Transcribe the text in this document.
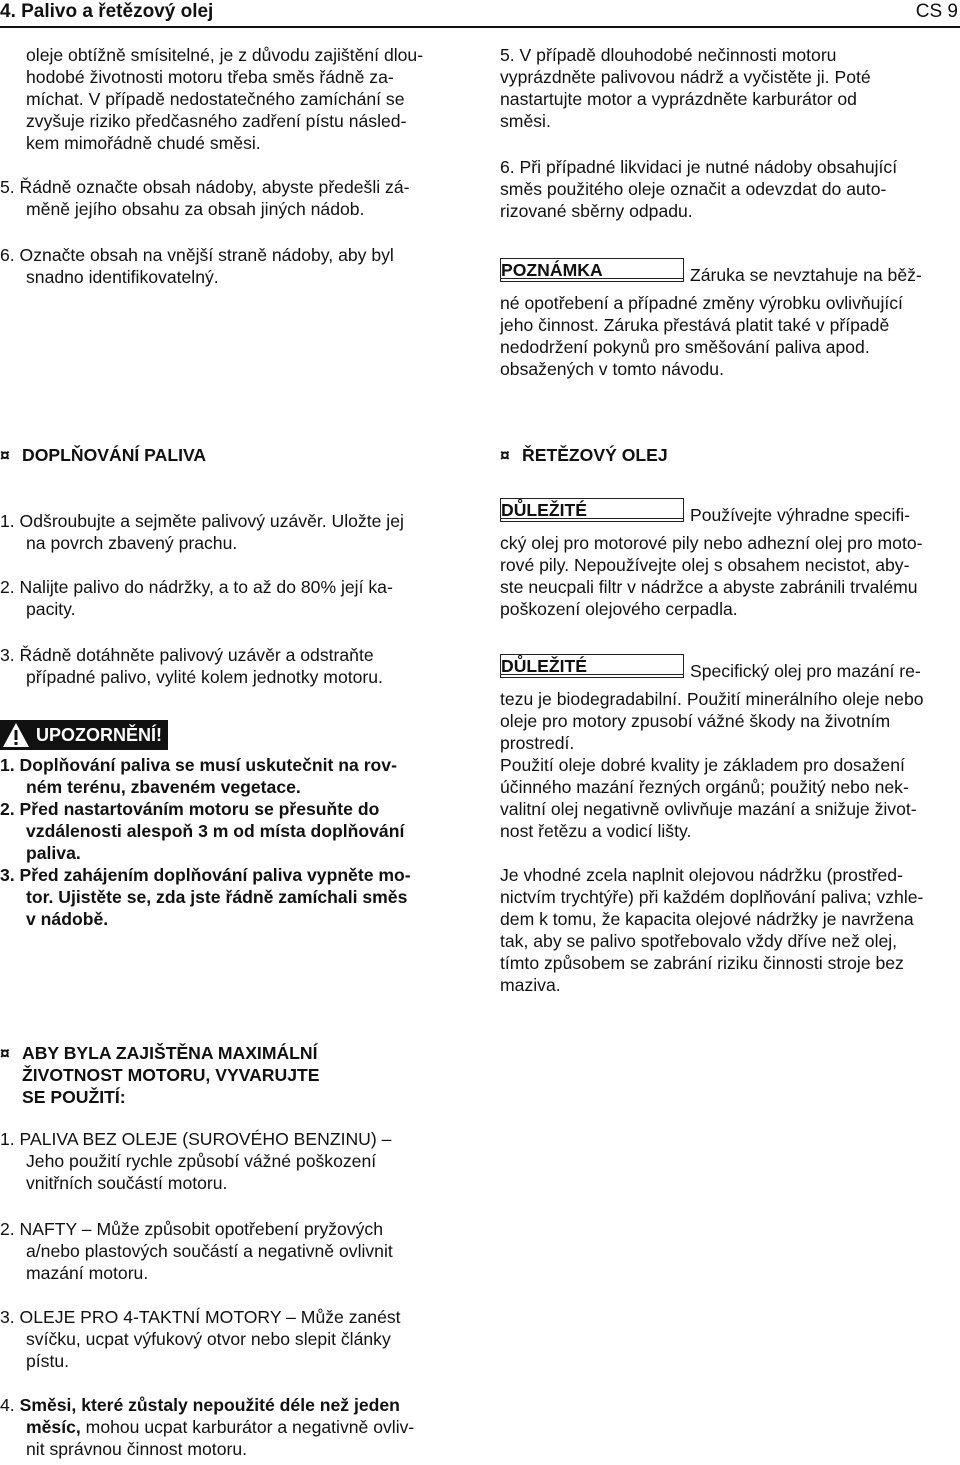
4. Palivo a řetězový olej	CS 9

oleje obtížně smísitelné, je z důvodu zajištění dlou-

hodobé životnosti motoru třeba směs řádně za-

míchat. V případě nedostatečného zamíchání se

zvyšuje riziko předčasného zadření pístu násled-

kem mimořádně chudé směsi.

5. Řádně označte obsah nádoby, abyste předešli zá-

měně jejího obsahu za obsah jiných nádob.

6. Označte obsah na vnější straně nádoby, aby byl

snadno identifikovatelný.

5. V případě dlouhodobé nečinnosti motoru

vyprázdněte palivovou nádrž a vyčistěte ji. Poté

nastartujte motor a vyprázdněte karburátor od

směsi.

6. Při případné likvidaci je nutné nádoby obsahující

směs použitého oleje označit a odevzdat do auto-

rizované sběrny odpadu.

POZNÁMKA	Záruka se nevztahuje na běž-

né opotřebení a případné změny výrobku ovlivňující

jeho činnost. Záruka přestává platit také v případě

nedodržení pokynů pro směšování paliva apod.

obsažených v tomto návodu.

¤ DOPLŇOVÁNÍ PALIVA

1. Odšroubujte a sejměte palivový uzávěr. Uložte jej

na povrch zbavený prachu.

2. Nalijte palivo do nádržky, a to až do 80% její ka-

pacity.

3. Řádně dotáhněte palivový uzávěr a odstraňte

případné palivo, vylité kolem jednotky motoru.

UPOZORNĚNÍ!

1. Doplňování paliva se musí uskutečnit na rov-

ném terénu, zbaveném vegetace.

2. Před nastartováním motoru se přesuňte do

vzdálenosti alespoň 3 m od místa doplňování

paliva.

3. Před zahájením doplňování paliva vypněte mo-

tor. Ujistěte se, zda jste řádně zamíchali směs

v nádobě.

¤ ŘETĚZOVÝ OLEJ

DŮLEŽITÉ	Používejte výhradne specifi-

cký olej pro motorové pily nebo adhezní olej pro moto-

rové pily. Nepoužívejte olej s obsahem necistot, aby-

ste neucpali filtr v nádržce a abyste zabránili trvalému

poškození olejového cerpadla.

DŮLEŽITÉ	Specifický olej pro mazání re-

tezu je biodegradabilní. Použití minerálního oleje nebo

oleje pro motory zpusobí vážné škody na životním

prostredí.

Použití oleje dobré kvality je základem pro dosažení

účinného mazání řezných orgánů; použitý nebo nek-

valitní olej negativně ovlivňuje mazání a snižuje život-

nost řetězu a vodicí lišty.

Je vhodné zcela naplnit olejovou nádržku (prostřed-

nictvím trychtýře) při každém doplňování paliva; vzhle-

dem k tomu, že kapacita olejové nádržky je navržena

tak, aby se palivo spotřebovalo vždy dříve než olej,

tímto způsobem se zabrání riziku činnosti stroje bez

maziva.

¤ ABY BYLA ZAJIŠTĚNA MAXIMÁLNÍ
ŽIVOTNOST MOTORU, VYVARUJTE
SE POUŽITÍ:

1. PALIVA BEZ OLEJE (SUROVÉHO BENZINU) –

Jeho použití rychle způsobí vážné poškození

vnitřních součástí motoru.

2. NAFTY – Může způsobit opotřebení pryžových

a/nebo plastových součástí a negativně ovlivnit

mazání motoru.

3. OLEJE PRO 4-TAKTNÍ MOTORY – Může zanést

svíčku, ucpat výfukový otvor nebo slepit články

pístu.

4. Směsi, které zůstaly nepoužité déle než jeden

měsíc, mohou ucpat karburátor a negativně ovliv-

nit správnou činnost motoru.
